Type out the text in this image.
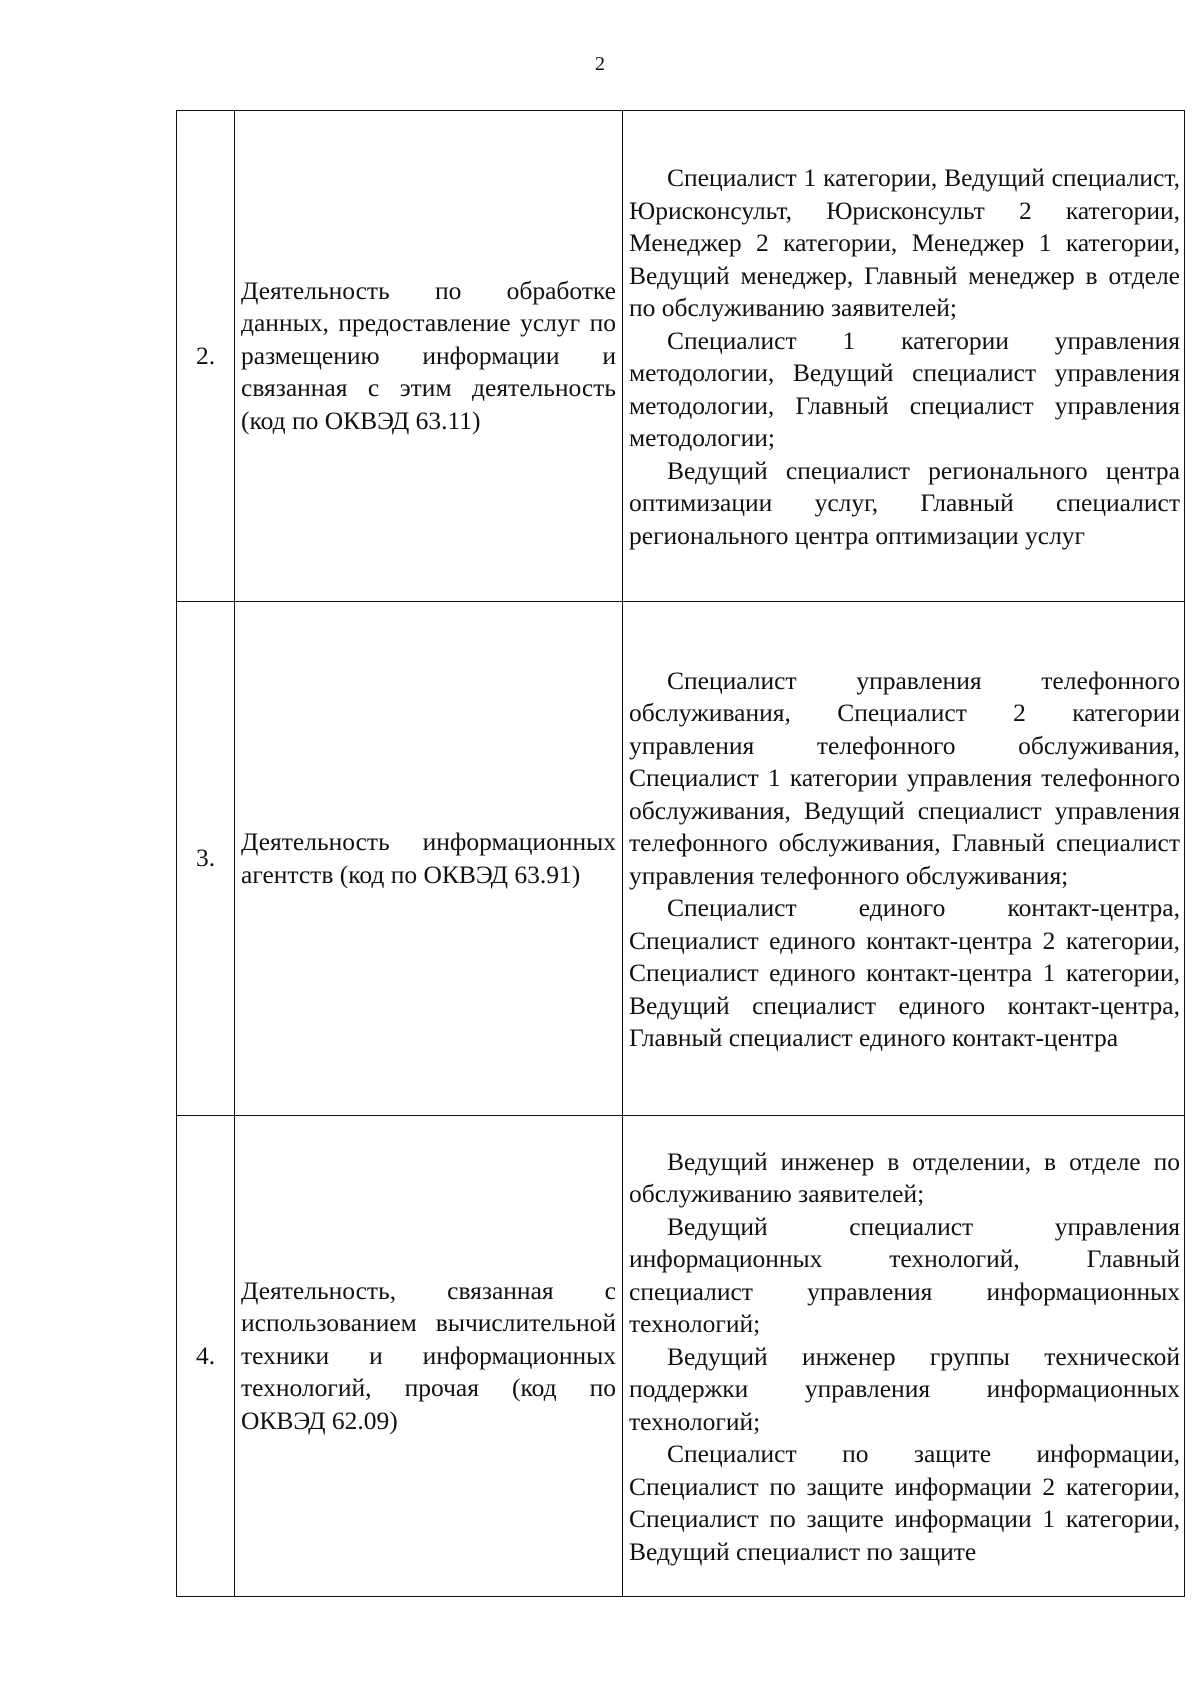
2
2.	Деятельность по обработке данных, предоставление услуг по размещению информации и связанная с этим деятельность (код по ОКВЭД 63.11)	Специалист 1 категории, Ведущий специалист, Юрисконсульт, Юрисконсульт 2 категории, Менеджер 2 категории, Менеджер 1 категории, Ведущий менеджер, Главный менеджер в отделе по обслуживанию заявителей;

Специалист 1 категории управления методологии, Ведущий специалист управления методологии, Главный специалист управления методологии;

Ведущий специалист регионального центра оптимизации услуг, Главный специалист регионального центра оптимизации услуг

3.	Деятельность информационных агентств (код по ОКВЭД 63.91)	Специалист управления телефонного обслуживания, Специалист 2 категории управления телефонного обслуживания, Специалист 1 категории управления телефонного обслуживания, Ведущий специалист управления телефонного обслуживания, Главный специалист управления телефонного обслуживания;

Специалист единого контакт-центра, Специалист единого контакт-центра 2 категории, Специалист единого контакт-центра 1 категории, Ведущий специалист единого контакт-центра, Главный специалист единого контакт-центра

4.	Деятельность, связанная с использованием вычислительной техники и информационных технологий, прочая (код по ОКВЭД 62.09)	Ведущий инженер в отделении, в отделе по обслуживанию заявителей;

Ведущий специалист управления информационных технологий, Главный специалист управления информационных технологий;

Ведущий инженер группы технической поддержки управления информационных технологий;

Специалист по защите информации, Специалист по защите информации 2 категории, Специалист по защите информации 1 категории, Ведущий специалист по защите
